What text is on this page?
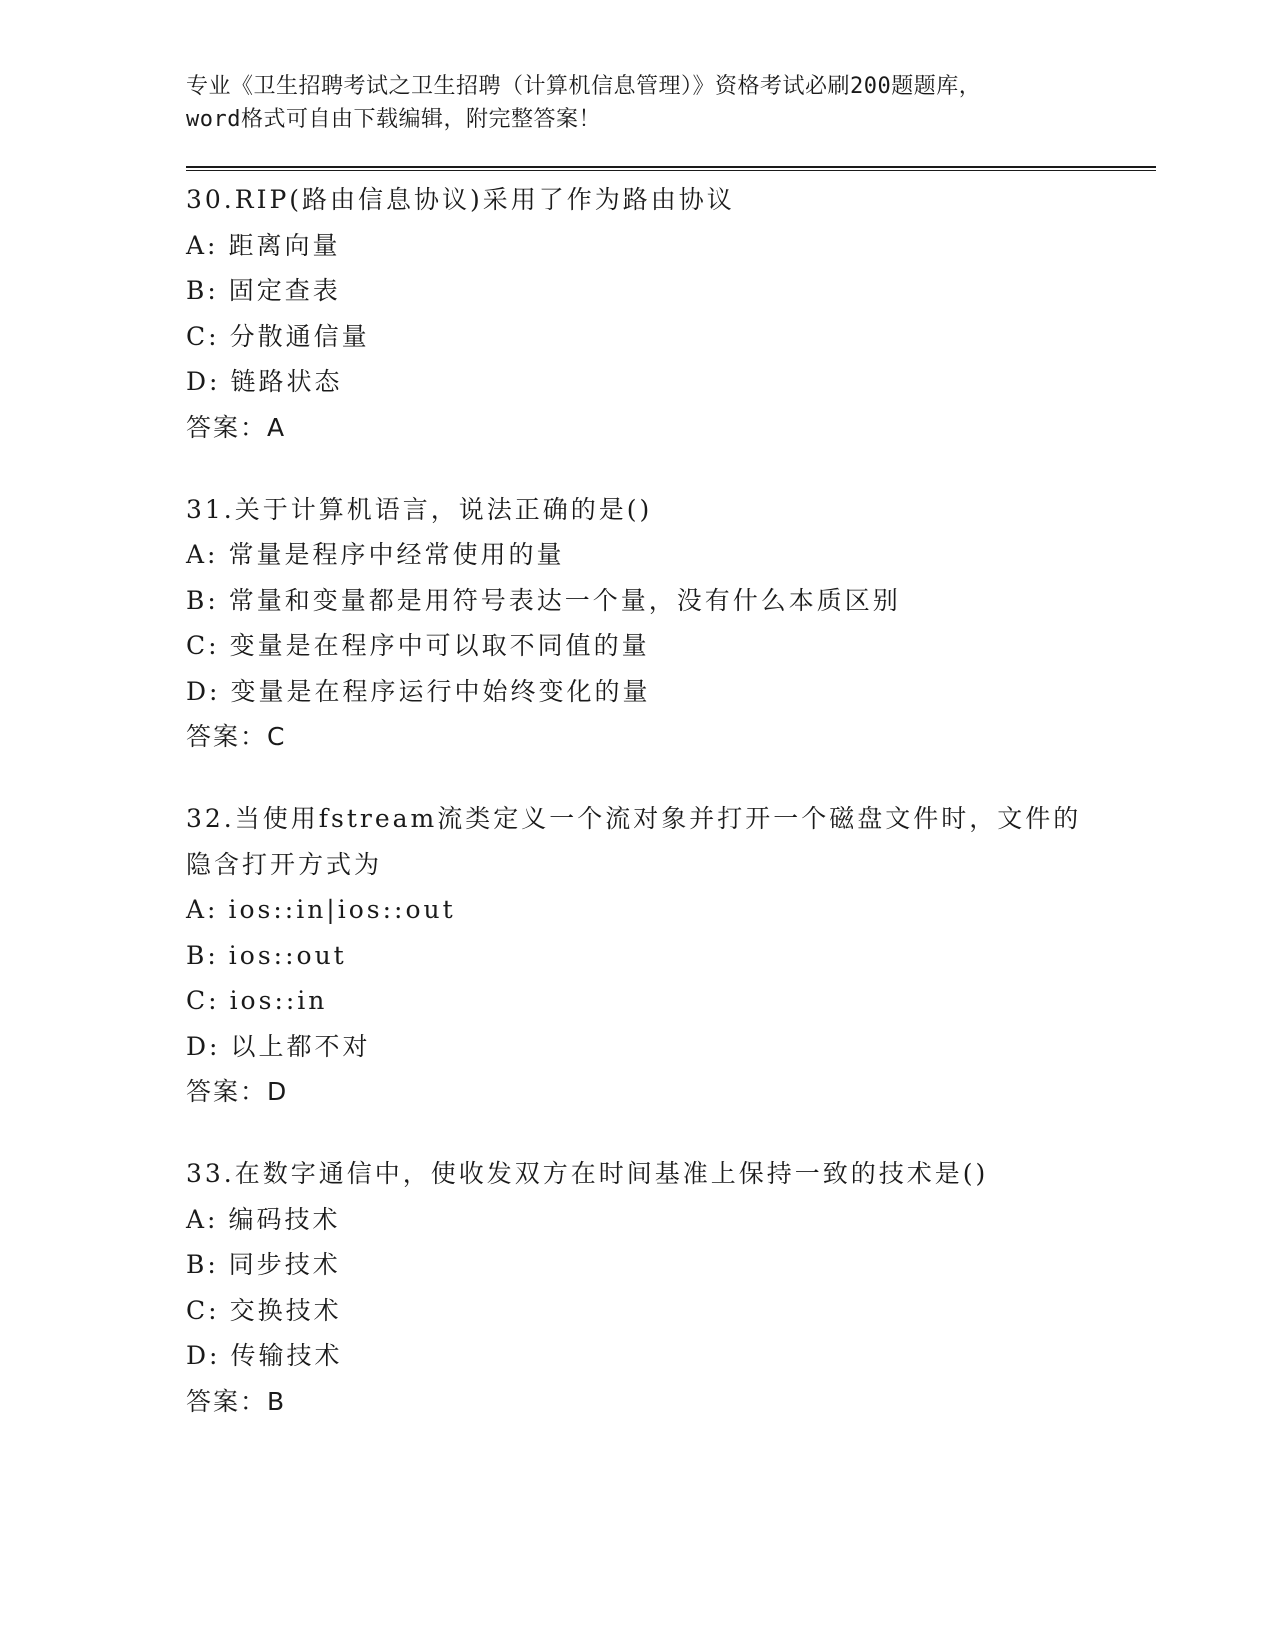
专业《卫生招聘考试之卫生招聘（计算机信息管理）》资格考试必刷200题题库，
word格式可自由下载编辑，附完整答案！

30.RIP(路由信息协议)采用了作为路由协议

A: 距离向量

B: 固定查表

C: 分散通信量

D: 链路状态

答案：A

31.关于计算机语言，说法正确的是()

A: 常量是程序中经常使用的量

B: 常量和变量都是用符号表达一个量，没有什么本质区别

C: 变量是在程序中可以取不同值的量

D: 变量是在程序运行中始终变化的量

答案：C

32.当使用fstream流类定义一个流对象并打开一个磁盘文件时，文件的隐含打开方式为

A: ios::in|ios::out

B: ios::out

C: ios::in

D: 以上都不对

答案：D

33.在数字通信中，使收发双方在时间基准上保持一致的技术是()

A: 编码技术

B: 同步技术

C: 交换技术

D: 传输技术

答案：B
